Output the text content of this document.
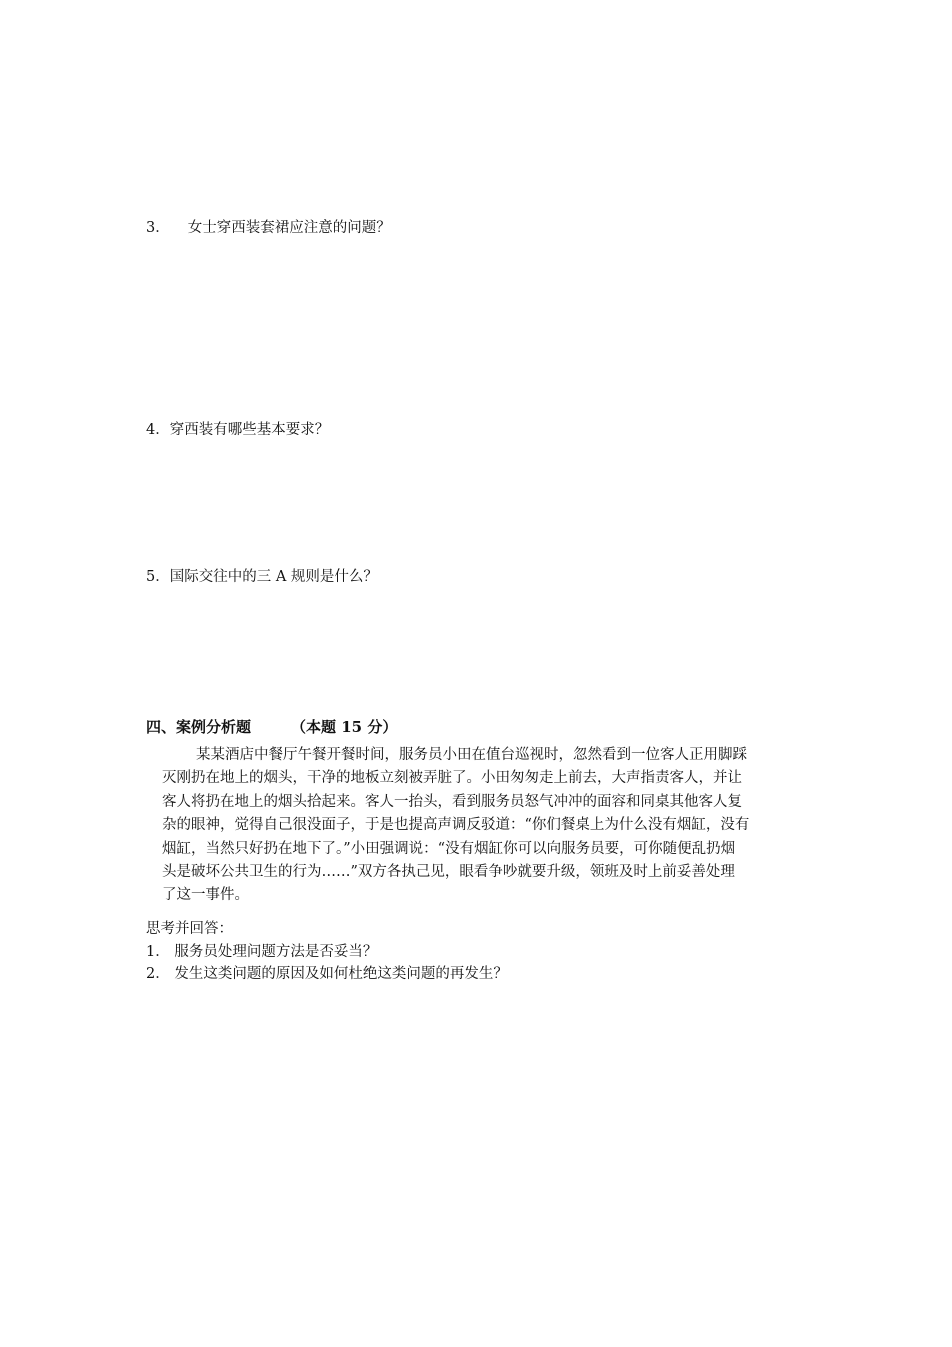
3． 女士穿西装套裙应注意的问题？
4．穿西装有哪些基本要求？
5．国际交往中的三 A 规则是什么？
四、案例分析题	（本题 15 分）
某某酒店中餐厅午餐开餐时间，服务员小田在值台巡视时，忽然看到一位客人正用脚踩
灭刚扔在地上的烟头，干净的地板立刻被弄脏了。小田匆匆走上前去，大声指责客人，并让
客人将扔在地上的烟头拾起来。客人一抬头，看到服务员怒气冲冲的面容和同桌其他客人复
杂的眼神，觉得自己很没面子，于是也提高声调反驳道：“你们餐桌上为什么没有烟缸，没有
烟缸，当然只好扔在地下了。”小田强调说：“没有烟缸你可以向服务员要，可你随便乱扔烟
头是破坏公共卫生的行为……”双方各执己见，眼看争吵就要升级，领班及时上前妥善处理
了这一事件。
思考并回答：
1． 服务员处理问题方法是否妥当？
2． 发生这类问题的原因及如何杜绝这类问题的再发生？
